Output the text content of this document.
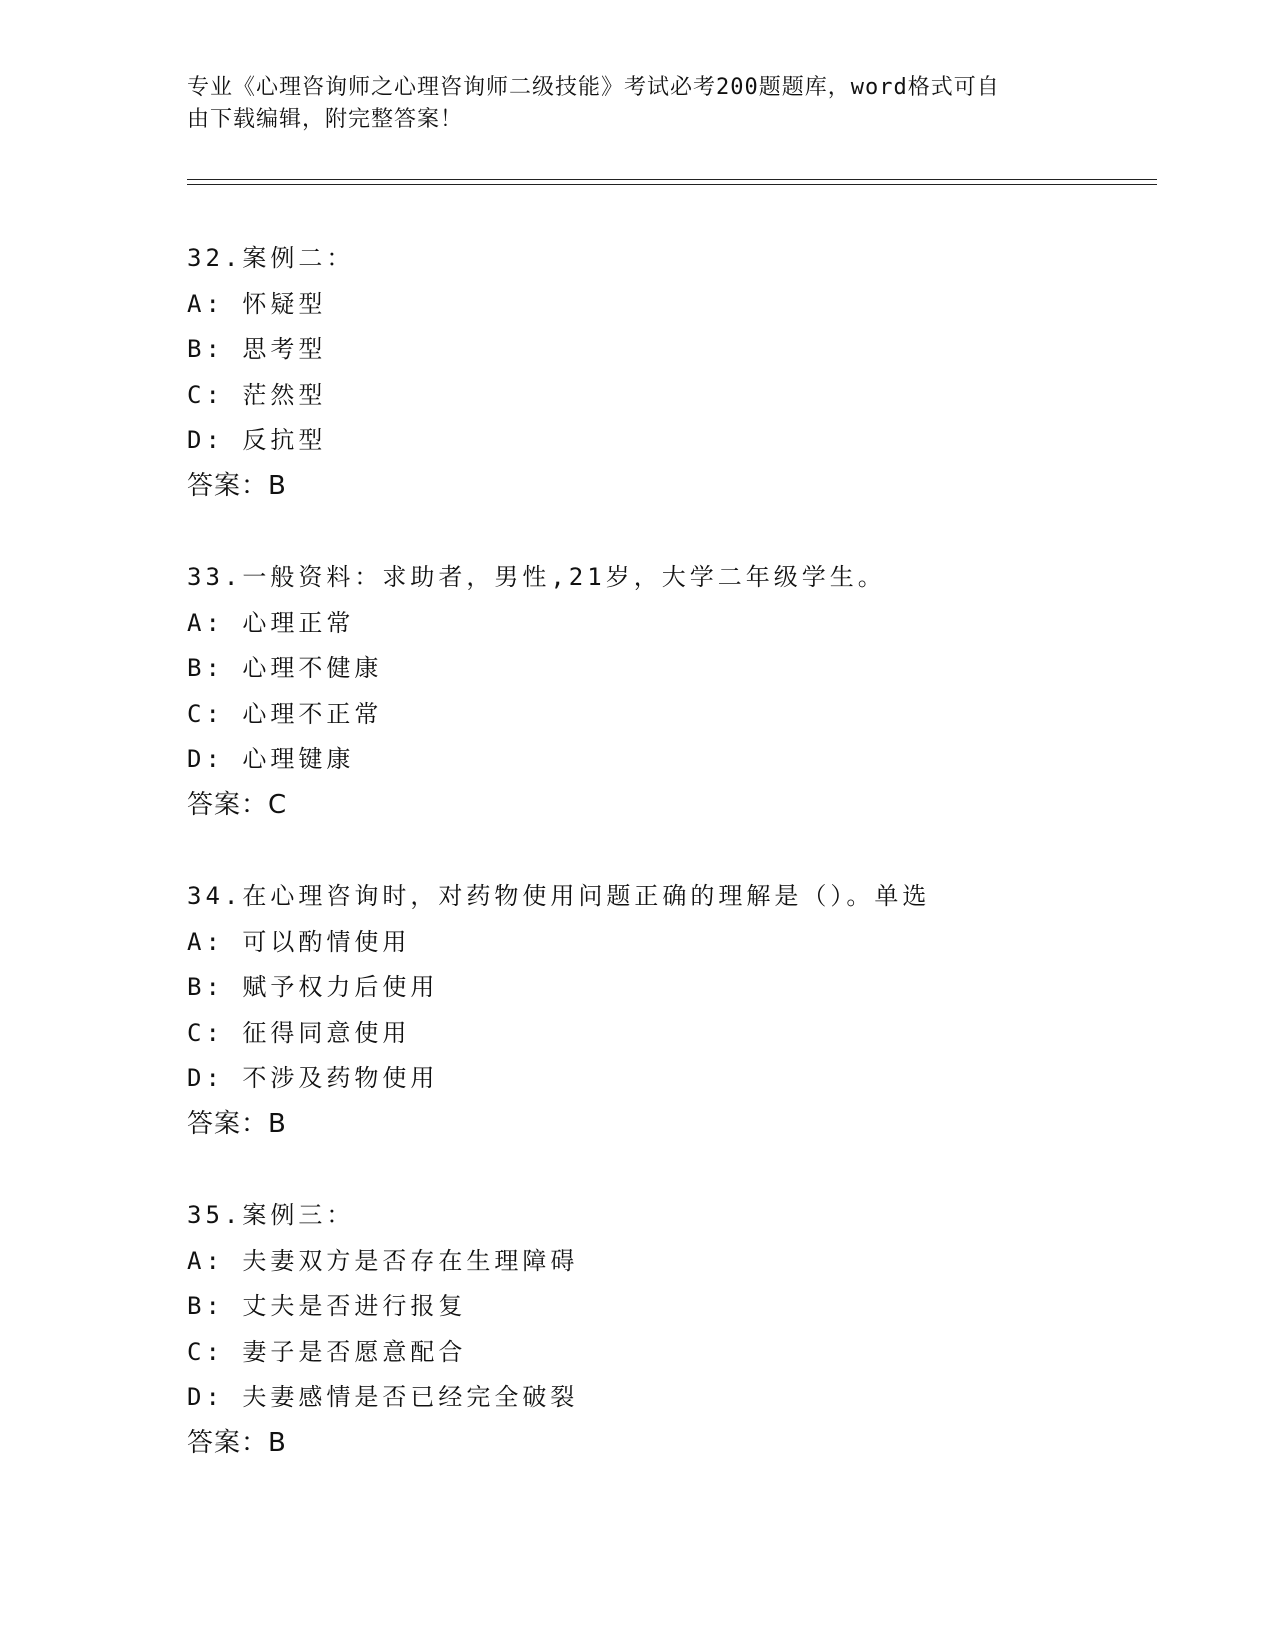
专业《心理咨询师之心理咨询师二级技能》考试必考200题题库，word格式可自
由下载编辑，附完整答案！
32.案例二：
A: 怀疑型
B: 思考型
C: 茫然型
D: 反抗型
答案：B
33.一般资料：求助者，男性,21岁，大学二年级学生。
A: 心理正常
B: 心理不健康
C: 心理不正常
D: 心理键康
答案：C
34.在心理咨询时，对药物使用问题正确的理解是（）。单选
A: 可以酌情使用
B: 赋予权力后使用
C: 征得同意使用
D: 不涉及药物使用
答案：B
35.案例三：
A: 夫妻双方是否存在生理障碍
B: 丈夫是否进行报复
C: 妻子是否愿意配合
D: 夫妻感情是否已经完全破裂
答案：B
